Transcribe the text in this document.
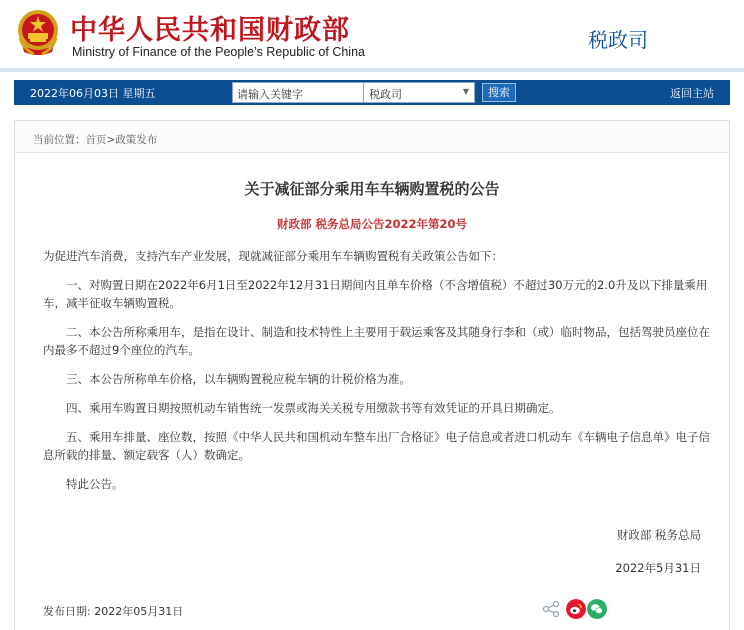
中华人民共和国财政部
Ministry of Finance of the People’s Republic of China	税政司
2022年06月03日 星期五	请输入关键字	税政司	▼	搜索	返回主站
当前位置：首页>政策发布
关于减征部分乘用车车辆购置税的公告
财政部 税务总局公告2022年第20号

为促进汽车消费，支持汽车产业发展，现就减征部分乘用车车辆购置税有关政策公告如下：

一、对购置日期在2022年6月1日至2022年12月31日期间内且单车价格（不含增值税）不超过30万元的2.0升及以下排量乘用车，减半征收车辆购置税。

二、本公告所称乘用车，是指在设计、制造和技术特性上主要用于载运乘客及其随身行李和（或）临时物品，包括驾驶员座位在内最多不超过9个座位的汽车。

三、本公告所称单车价格，以车辆购置税应税车辆的计税价格为准。

四、乘用车购置日期按照机动车销售统一发票或海关关税专用缴款书等有效凭证的开具日期确定。

五、乘用车排量、座位数，按照《中华人民共和国机动车整车出厂合格证》电子信息或者进口机动车《车辆电子信息单》电子信息所载的排量、额定载客（人）数确定。

特此公告。

财政部 税务总局
2022年5月31日
发布日期: 2022年05月31日
